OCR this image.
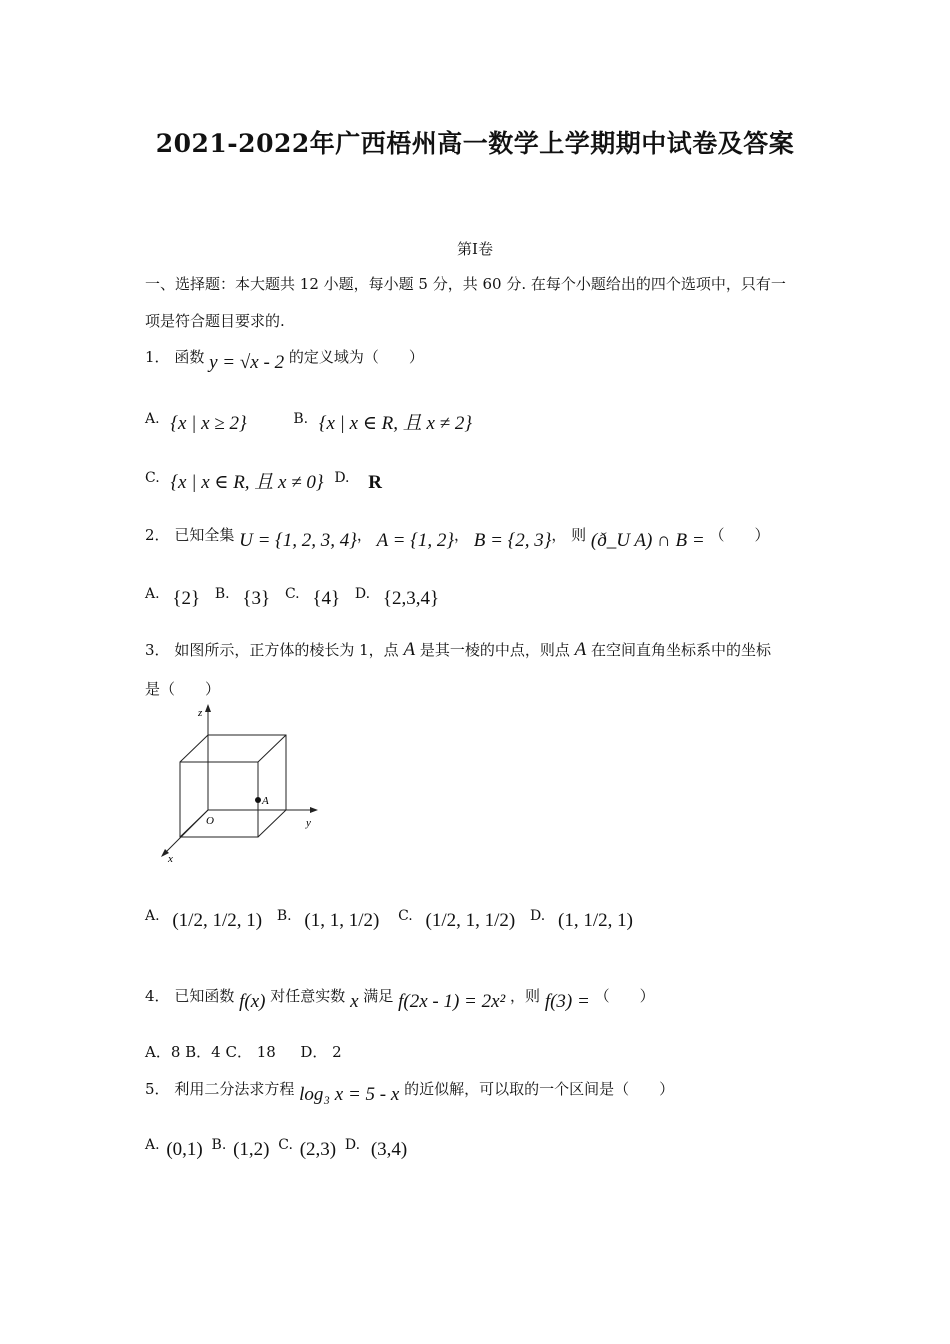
2021-2022年广西梧州高一数学上学期期中试卷及答案
第Ⅰ卷
一、选择题：本大题共 12 小题，每小题 5 分，共 60 分. 在每个小题给出的四个选项中，只有一
项是符合题目要求的.
1． 函数 y = √x - 2 的定义域为（　　）
A. {x | x ≥ 2}	B. {x | x ∈ R, 且 x ≠ 2}
C. {x | x ∈ R, 且 x ≠ 0} D. R
2． 已知全集 U = {1, 2, 3, 4}， A = {1, 2}， B = {2, 3}， 则 (ð_U A) ∩ B = （　　）
A. {2} B. {3} C. {4} D. {2,3,4}
3． 如图所示，正方体的棱长为 1，点 A 是其一棱的中点，则点 A 在空间直角坐标系中的坐标
是（　　）
z
y
x
O
A
A. (1/2, 1/2, 1) B. (1, 1, 1/2) C. (1/2, 1, 1/2) D. (1, 1/2, 1)
4． 已知函数 f(x) 对任意实数 x 满足 f(2x - 1) = 2x² ，则 f(3) = （　　）
A．8 B．4 C． 18 　 D． 2
5． 利用二分法求方程 log₃ x = 5 - x 的近似解，可以取的一个区间是（　　）
A. (0,1) B. (1,2) C. (2,3) D. (3,4)
